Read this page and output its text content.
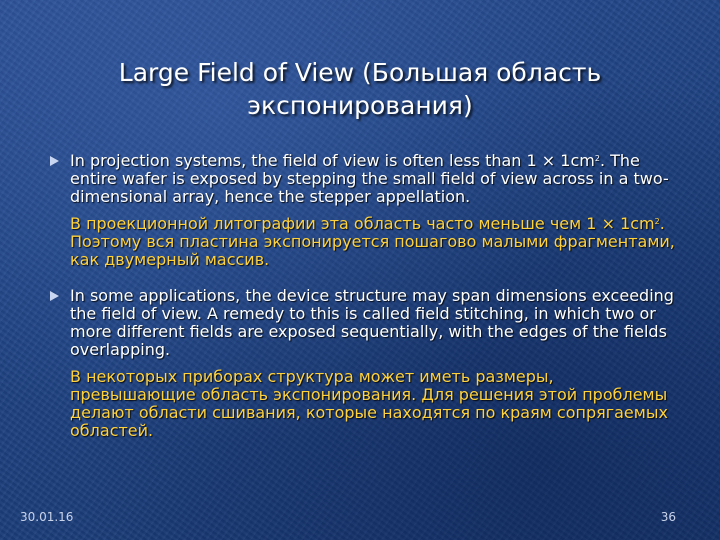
Large Field of View (Большая область экспонирования)
In projection systems, the field of view is often less than $1 \times 1cm^2$. The entire wafer is exposed by stepping the small field of view across in a two-dimensional array, hence the stepper appellation.
В проекционной литографии эта область часто меньше чем $1 \times 1cm^2$. Поэтому вся пластина экспонируется пошагово малыми фрагментами, как двумерный массив.
In some applications, the device structure may span dimensions exceeding the field of view. A remedy to this is called field stitching, in which two or more different fields are exposed sequentially, with the edges of the fields overlapping.
В некоторых приборах структура может иметь размеры, превышающие область экспонирования. Для решения этой проблемы делают области сшивания, которые находятся по краям сопрягаемых областей.
30.01.16	36
